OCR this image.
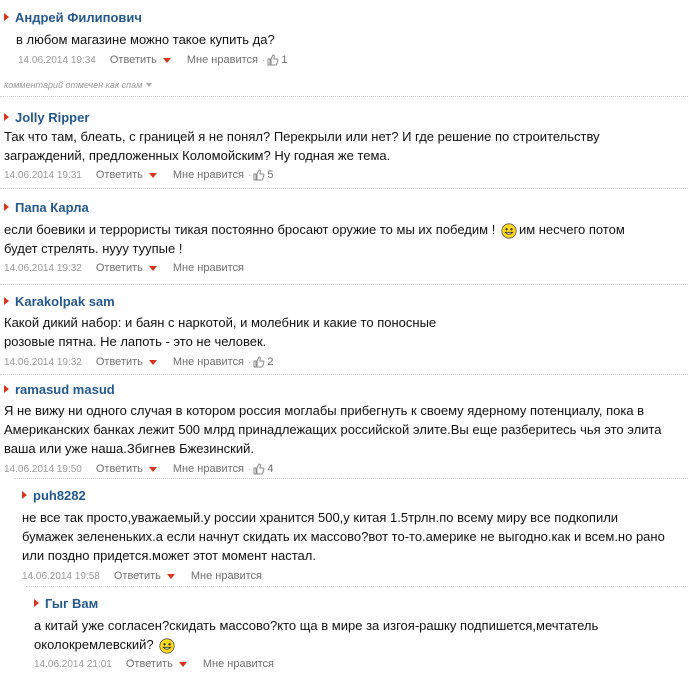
Андрей Филипович
в любом магазине можно такое купить да?
14.06.2014 19:34 Ответить	Мне нравится · 1
комментарий отмечен как спам
Jolly Ripper
Так что там, блеать, с границей я не понял? Перекрыли или нет? И где решение по строительству заграждений, предложенных Коломойским? Ну годная же тема.
14.06.2014 19:31 Ответить	Мне нравится · 5
Папа Карла
если боевики и террористы тикая постоянно бросают оружие то мы их победим ! им несчего потом будет стрелять. нууу туупые !
14.06.2014 19:32 Ответить	Мне нравится
Karakolpak sam
Какой дикий набор: и баян с наркотой, и молебник и какие то поносные розовые пятна. Не лапоть - это не человек.
14.06.2014 19:32 Ответить	Мне нравится · 2
ramasud masud
Я не вижу ни одного случая в котором россия моглабы прибегнуть к своему ядерному потенциалу, пока в Американских банках лежит 500 млрд принадлежащих российской элите.Вы еще разберитесь чья это элита ваша или уже наша.Збигнев Бжезинский.
14.06.2014 19:50 Ответить	Мне нравится · 4
puh8282
не все так просто,уважаемый.у россии хранится 500,у китая 1.5трлн.по всему миру все подкопили бумажек зелененьких.а если начнут скидать их массово?вот то-то.америке не выгодно.как и всем.но рано или поздно придется.может этот момент настал.
14.06.2014 19:58 Ответить	Мне нравится
Гыг Вам
а китай уже согласен?скидать массово?кто ща в мире за изгоя-рашку подпишется,мечтатель околокремлевский?
14.06.2014 21:01 Ответить	Мне нравится
